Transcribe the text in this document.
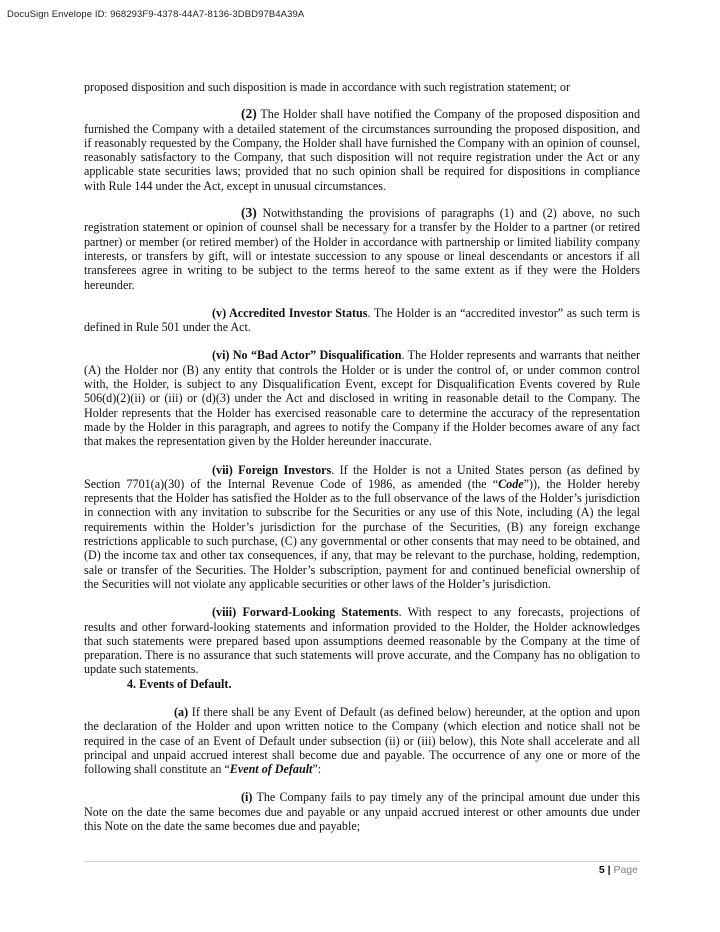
DocuSign Envelope ID: 968293F9-4378-44A7-8136-3DBD97B4A39A

proposed disposition and such disposition is made in accordance with such registration statement; or

(2) The Holder shall have notified the Company of the proposed disposition and furnished the Company with a detailed statement of the circumstances surrounding the proposed disposition, and if reasonably requested by the Company, the Holder shall have furnished the Company with an opinion of counsel, reasonably satisfactory to the Company, that such disposition will not require registration under the Act or any applicable state securities laws; provided that no such opinion shall be required for dispositions in compliance with Rule 144 under the Act, except in unusual circumstances.

(3) Notwithstanding the provisions of paragraphs (1) and (2) above, no such registration statement or opinion of counsel shall be necessary for a transfer by the Holder to a partner (or retired partner) or member (or retired member) of the Holder in accordance with partnership or limited liability company interests, or transfers by gift, will or intestate succession to any spouse or lineal descendants or ancestors if all transferees agree in writing to be subject to the terms hereof to the same extent as if they were the Holders hereunder.

(v) Accredited Investor Status. The Holder is an “accredited investor” as such term is defined in Rule 501 under the Act.

(vi) No “Bad Actor” Disqualification. The Holder represents and warrants that neither (A) the Holder nor (B) any entity that controls the Holder or is under the control of, or under common control with, the Holder, is subject to any Disqualification Event, except for Disqualification Events covered by Rule 506(d)(2)(ii) or (iii) or (d)(3) under the Act and disclosed in writing in reasonable detail to the Company. The Holder represents that the Holder has exercised reasonable care to determine the accuracy of the representation made by the Holder in this paragraph, and agrees to notify the Company if the Holder becomes aware of any fact that makes the representation given by the Holder hereunder inaccurate.

(vii) Foreign Investors. If the Holder is not a United States person (as defined by Section 7701(a)(30) of the Internal Revenue Code of 1986, as amended (the “Code”)), the Holder hereby represents that the Holder has satisfied the Holder as to the full observance of the laws of the Holder’s jurisdiction in connection with any invitation to subscribe for the Securities or any use of this Note, including (A) the legal requirements within the Holder’s jurisdiction for the purchase of the Securities, (B) any foreign exchange restrictions applicable to such purchase, (C) any governmental or other consents that may need to be obtained, and (D) the income tax and other tax consequences, if any, that may be relevant to the purchase, holding, redemption, sale or transfer of the Securities. The Holder’s subscription, payment for and continued beneficial ownership of the Securities will not violate any applicable securities or other laws of the Holder’s jurisdiction.

(viii) Forward-Looking Statements. With respect to any forecasts, projections of results and other forward-looking statements and information provided to the Holder, the Holder acknowledges that such statements were prepared based upon assumptions deemed reasonable by the Company at the time of preparation. There is no assurance that such statements will prove accurate, and the Company has no obligation to update such statements.

4. Events of Default.

(a) If there shall be any Event of Default (as defined below) hereunder, at the option and upon the declaration of the Holder and upon written notice to the Company (which election and notice shall not be required in the case of an Event of Default under subsection (ii) or (iii) below), this Note shall accelerate and all principal and unpaid accrued interest shall become due and payable. The occurrence of any one or more of the following shall constitute an “Event of Default”:

(i) The Company fails to pay timely any of the principal amount due under this Note on the date the same becomes due and payable or any unpaid accrued interest or other amounts due under this Note on the date the same becomes due and payable;

5 | Page
